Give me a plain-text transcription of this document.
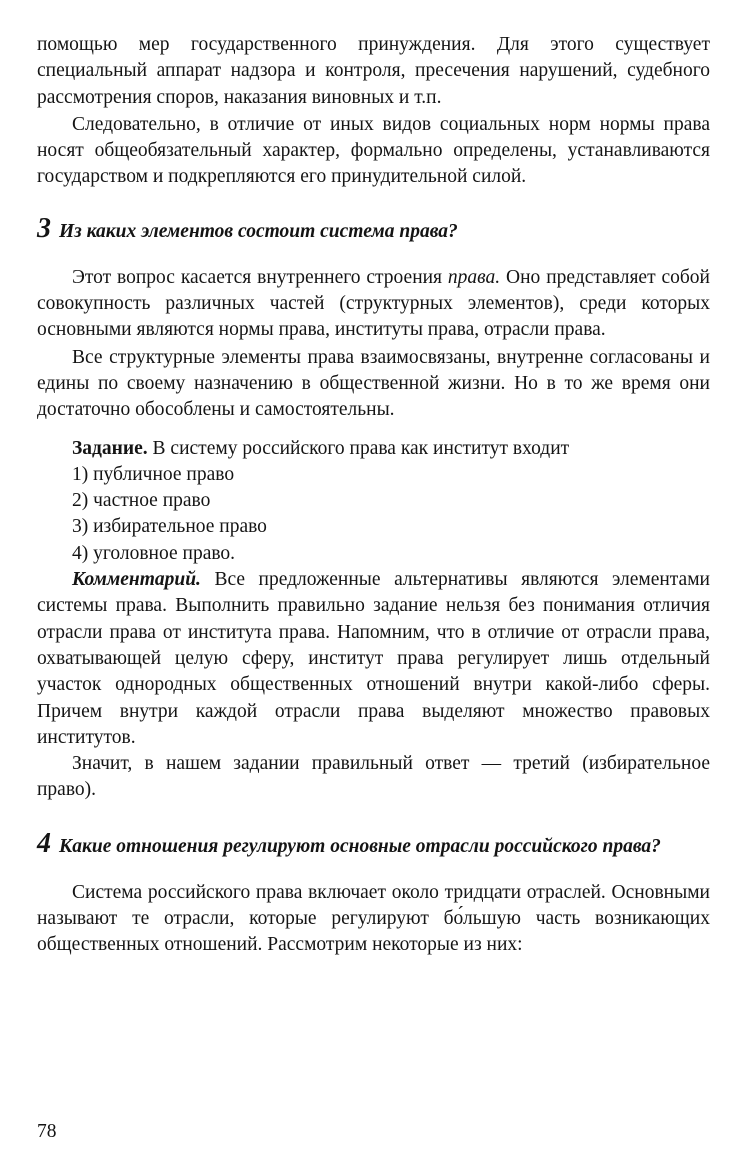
помощью мер государственного принуждения. Для этого существует специальный аппарат надзора и контроля, пресечения нарушений, судебного рассмотрения споров, наказания виновных и т.п.

Следовательно, в отличие от иных видов социальных норм нормы права носят общеобязательный характер, формально определены, устанавливаются государством и подкрепляются его принудительной силой.

3 Из каких элементов состоит система права?

Этот вопрос касается внутреннего строения права. Оно представляет собой совокупность различных частей (структурных элементов), среди которых основными являются нормы права, институты права, отрасли права.

Все структурные элементы права взаимосвязаны, внутренне согласованы и едины по своему назначению в общественной жизни. Но в то же время они достаточно обособлены и самостоятельны.

Задание. В систему российского права как институт входит

1) публичное право
2) частное право
3) избирательное право
4) уголовное право.

Комментарий. Все предложенные альтернативы являются элементами системы права. Выполнить правильно задание нельзя без понимания отличия отрасли права от института права. Напомним, что в отличие от отрасли права, охватывающей целую сферу, институт права регулирует лишь отдельный участок однородных общественных отношений внутри какой-либо сферы. Причем внутри каждой отрасли права выделяют множество правовых институтов.

Значит, в нашем задании правильный ответ — третий (избирательное право).

4 Какие отношения регулируют основные отрасли российского права?

Система российского права включает около тридцати отраслей. Основными называют те отрасли, которые регулируют бо́льшую часть возникающих общественных отношений. Рассмотрим некоторые из них:

78
